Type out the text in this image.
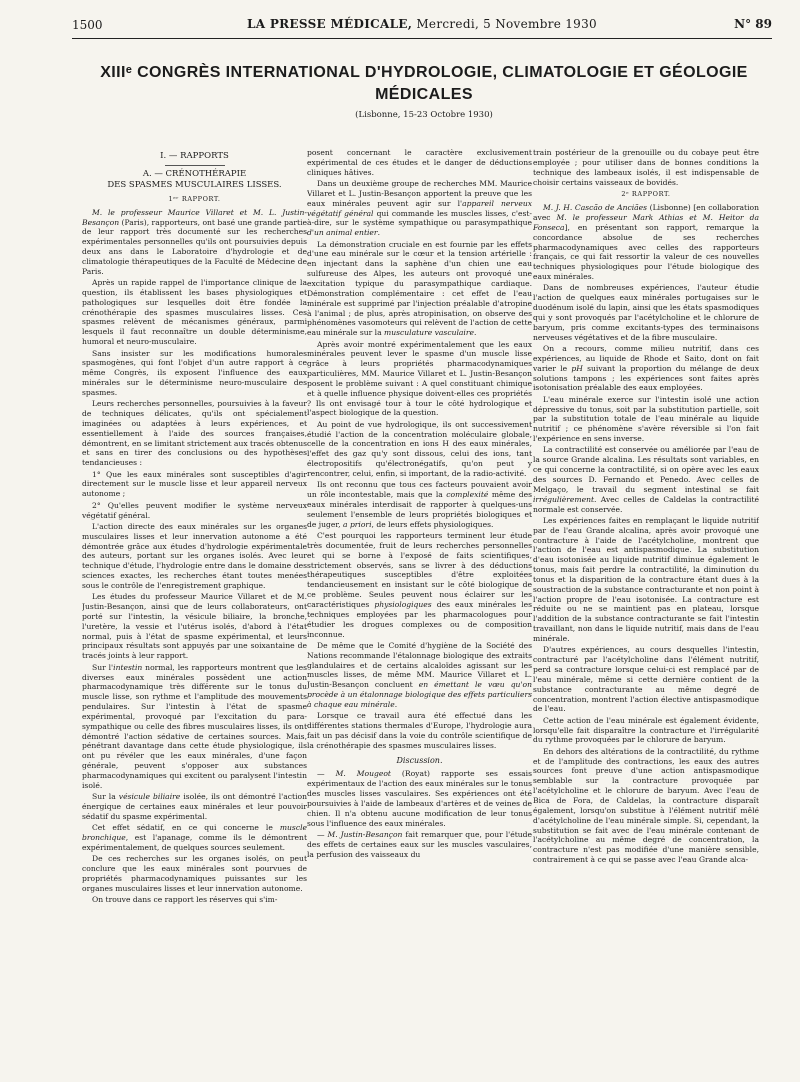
1500	LA PRESSE MÉDICALE, Mercredi, 5 Novembre 1930	N° 89
XIIIᵉ CONGRÈS INTERNATIONAL D'HYDROLOGIE, CLIMATOLOGIE ET GÉOLOGIE
MÉDICALES
(Lisbonne, 15-23 Octobre 1930)
I. — RAPPORTS
A. — CRÉNOTHÉRAPIE
DES SPASMES MUSCULAIRES LISSES.
1ᵉʳ RAPPORT.

M. le professeur Maurice Villaret et M. L. Justin-Besançon (Paris), rapporteurs, ont basé une grande partie de leur rapport très documenté sur les recherches expérimentales personnelles qu'ils ont poursuivies depuis deux ans dans le Laboratoire d'hydrologie et de climatologie thérapeutiques de la Faculté de Médecine de Paris.

Après un rapide rappel de l'importance clinique de la question, ils établissent les bases physiologiques et pathologiques sur lesquelles doit être fondée la crénothérapie des spasmes musculaires lisses. Ces spasmes relèvent de mécanismes généraux, parmi lesquels il faut reconnaître un double déterminisme, humoral et neuro-musculaire.

Sans insister sur les modifications humorales spasmogènes, qui font l'objet d'un autre rapport à ce même Congrès, ils exposent l'influence des eaux minérales sur le déterminisme neuro-musculaire des spasmes.

Leurs recherches personnelles, poursuivies à la faveur de techniques délicates, qu'ils ont spécialement imaginées ou adaptées à leurs expériences, et essentiellement à l'aide des sources françaises, démontrent, en se limitant strictement aux tracés obtenus et sans en tirer des conclusions ou des hypothèses tendancieuses :

1° Que les eaux minérales sont susceptibles d'agir directement sur le muscle lisse et leur appareil nerveux autonome ;

2° Qu'elles peuvent modifier le système nerveux végétatif général.

L'action directe des eaux minérales sur les organes musculaires lisses et leur innervation autonome a été démontrée grâce aux études d'hydrologie expérimentale des auteurs, portant sur les organes isolés. Avec leur technique d'étude, l'hydrologie entre dans le domaine des sciences exactes, les recherches étant toutes menées sous le contrôle de l'enregistrement graphique.

Les études du professeur Maurice Villaret et de M. Justin-Besançon, ainsi que de leurs collaborateurs, ont porté sur l'intestin, la vésicule biliaire, la bronche, l'uretère, la vessie et l'utérus isolés, d'abord à l'état normal, puis à l'état de spasme expérimental, et leurs principaux résultats sont appuyés par une soixantaine de tracés joints à leur rapport.

Sur l'intestin normal, les rapporteurs montrent que les diverses eaux minérales possèdent une action pharmacodynamique très différente sur le tonus du muscle lisse, son rythme et l'amplitude des mouvements pendulaires. Sur l'intestin à l'état de spasme expérimental, provoqué par l'excitation du para-sympathique ou celle des fibres musculaires lisses, ils ont démontré l'action sédative de certaines sources. Mais, pénétrant davantage dans cette étude physiologique, ils ont pu révéler que les eaux minérales, d'une façon générale, peuvent s'opposer aux substances pharmacodynamiques qui excitent ou paralysent l'intestin isolé.

Sur la vésicule biliaire isolée, ils ont démontré l'action énergique de certaines eaux minérales et leur pouvoir sédatif du spasme expérimental.

Cet effet sédatif, en ce qui concerne le muscle bronchique, est l'apanage, comme ils le démontrent expérimentalement, de quelques sources seulement.

De ces recherches sur les organes isolés, on peut conclure que les eaux minérales sont pourvues de propriétés pharmacodynamiques puissantes sur les organes musculaires lisses et leur innervation autonome.

On trouve dans ce rapport les réserves qui s'im-

posent concernant le caractère exclusivement expérimental de ces études et le danger de déductions cliniques hâtives.

Dans un deuxième groupe de recherches MM. Maurice Villaret et L. Justin-Besançon apportent la preuve que les eaux minérales peuvent agir sur l'appareil nerveux végétatif général qui commande les muscles lisses, c'est-à-dire, sur le système sympathique ou parasympathique d'un animal entier.

La démonstration cruciale en est fournie par les effets d'une eau minérale sur le cœur et la tension artérielle : en injectant dans la saphène d'un chien une eau sulfureuse des Alpes, les auteurs ont provoqué une excitation typique du parasympathique cardiaque. Démonstration complémentaire : cet effet de l'eau minérale est supprimé par l'injection préalable d'atropine à l'animal ; de plus, après atropinisation, on observe des phénomènes vasomoteurs qui relèvent de l'action de cette eau minérale sur la musculature vasculaire.

Après avoir montré expérimentalement que les eaux minérales peuvent lever le spasme d'un muscle lisse grâce à leurs propriétés pharmacodynamiques particulières, MM. Maurice Villaret et L. Justin-Besançon posent le problème suivant : A quel constituant chimique et à quelle influence physique doivent-elles ces propriétés ? Ils ont envisagé tour à tour le côté hydrologique et l'aspect biologique de la question.

Au point de vue hydrologique, ils ont successivement étudié l'action de la concentration moléculaire globale, celle de la concentration en ions H des eaux minérales, l'effet des gaz qu'y sont dissous, celui des ions, tant électropositifs qu'électronégatifs, qu'on peut y rencontrer, celui, enfin, si important, de la radio-activité.

Ils ont reconnu que tous ces facteurs pouvaient avoir un rôle incontestable, mais que la complexité même des eaux minérales interdisait de rapporter à quelques-uns seulement l'ensemble de leurs propriétés biologiques et de juger, a priori, de leurs effets physiologiques.

C'est pourquoi les rapporteurs terminent leur étude très documentée, fruit de leurs recherches personnelles et qui se borne à l'exposé de faits scientifiques, strictement observés, sans se livrer à des déductions thérapeutiques susceptibles d'être exploitées tendancieusement en insistant sur le côté biologique de ce problème. Seules peuvent nous éclairer sur les caractéristiques physiologiques des eaux minérales les techniques employées par les pharmacologues pour étudier les drogues complexes ou de composition inconnue.

De même que le Comité d'hygiène de la Société des Nations recommande l'étalonnage biologique des extraits glandulaires et de certains alcaloïdes agissant sur les muscles lisses, de même MM. Maurice Villaret et L. Justin-Besançon concluent en émettant le vœu qu'on procède à un étalonnage biologique des effets particuliers à chaque eau minérale.

Lorsque ce travail aura été effectué dans les différentes stations thermales d'Europe, l'hydrologie aura fait un pas décisif dans la voie du contrôle scientifique de la crénothérapie des spasmes musculaires lisses.

Discussion.

— M. Mougeot (Royat) rapporte ses essais expérimentaux de l'action des eaux minérales sur le tonus des muscles lisses vasculaires. Ses expériences ont été poursuivies à l'aide de lambeaux d'artères et de veines de chien. Il n'a obtenu aucune modification de leur tonus sous l'influence des eaux minérales.

— M. Justin-Besançon fait remarquer que, pour l'étude des effets de certaines eaux sur les muscles vasculaires, la perfusion des vaisseaux du

train postérieur de la grenouille ou du cobaye peut être employée ; pour utiliser dans de bonnes conditions la technique des lambeaux isolés, il est indispensable de choisir certains vaisseaux de bovidés.

2ᵉ RAPPORT.

M. J. H. Cascão de Anciães (Lisbonne) [en collaboration avec M. le professeur Mark Athias et M. Heitor da Fonseca], en présentant son rapport, remarque la concordance absolue de ses recherches pharmacodynamiques avec celles des rapporteurs français, ce qui fait ressortir la valeur de ces nouvelles techniques physiologiques pour l'étude biologique des eaux minérales.

Dans de nombreuses expériences, l'auteur étudie l'action de quelques eaux minérales portugaises sur le duodénum isolé du lapin, ainsi que les états spasmodiques qui y sont provoqués par l'acétylcholine et le chlorure de baryum, pris comme excitants-types des terminaisons nerveuses végétatives et de la fibre musculaire.

On a recours, comme milieu nutritif, dans ces expériences, au liquide de Rhode et Saito, dont on fait varier le pH suivant la proportion du mélange de deux solutions tampons ; les expériences sont faites après isotonisation préalable des eaux employées.

L'eau minérale exerce sur l'intestin isolé une action dépressive du tonus, soit par la substitution partielle, soit par la substitution totale de l'eau minérale au liquide nutritif ; ce phénomène s'avère réversible si l'on fait l'expérience en sens inverse.

La contractilité est conservée ou améliorée par l'eau de la source Grande alcalina. Les résultats sont variables, en ce qui concerne la contractilité, si on opère avec les eaux des sources D. Fernando et Penedo. Avec celles de Melgaço, le travail du segment intestinal se fait irrégulièrement. Avec celles de Caldelas la contractilité normale est conservée.

Les expériences faites en remplaçant le liquide nutritif par de l'eau Grande alcalina, après avoir provoqué une contracture à l'aide de l'acétylcholine, montrent que l'action de l'eau est antispasmodique. La substitution d'eau isotonisée au liquide nutritif diminue également le tonus, mais fait perdre la contractilité, la diminution du tonus et la disparition de la contracture étant dues à la soustraction de la substance contracturante et non point à l'action propre de l'eau isotonisée. La contracture est réduite ou ne se maintient pas en plateau, lorsque l'addition de la substance contracturante se fait l'intestin travaillant, non dans le liquide nutritif, mais dans de l'eau minérale.

D'autres expériences, au cours desquelles l'intestin, contracturé par l'acétylcholine dans l'élément nutritif, perd sa contracture lorsque celui-ci est remplacé par de l'eau minérale, même si cette dernière contient de la substance contracturante au même degré de concentration, montrent l'action élective antispasmodique de l'eau.

Cette action de l'eau minérale est également évidente, lorsqu'elle fait disparaître la contracture et l'irrégularité du rythme provoquées par le chlorure de baryum.

En dehors des altérations de la contractilité, du rythme et de l'amplitude des contractions, les eaux des autres sources font preuve d'une action antispasmodique semblable sur la contracture provoquée par l'acétylcholine et le chlorure de baryum. Avec l'eau de Bica de Fora, de Caldelas, la contracture disparaît également, lorsqu'on substitue à l'élément nutritif mêlé d'acétylcholine de l'eau minérale simple. Si, cependant, la substitution se fait avec de l'eau minérale contenant de l'acétylcholine au même degré de concentration, la contracture n'est pas modifiée d'une manière sensible, contrairement à ce qui se passe avec l'eau Grande alca-
